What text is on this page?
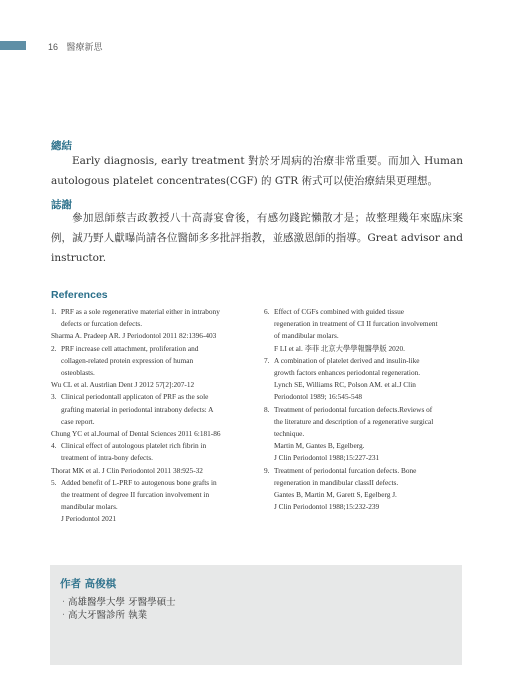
16 醫療新思
總結

Early diagnosis, early treatment 對於牙周病的治療非常重要。而加入 Human autologous platelet concentrates(CGF) 的 GTR 術式可以使治療結果更理想。

誌謝

參加恩師蔡吉政教授八十高壽宴會後，有感勿踐跎懶散才是；故整理幾年來臨床案例，誠乃野人獻曝尚請各位醫師多多批評指教，並感激恩師的指導。Great advisor and instructor.

References
1. PRF as a sole regenerative material either in intrabony
defects or furcation defects.
Sharma A. Pradeep AR. J Periodontol 2011 82:1396-403
2. PRF increase cell attachment, proliferation and
collagen-related protein expression of human
osteoblasts.
Wu CL et al. Austrlian Dent J 2012 57[2]:207-12
3. Clinical periodontall applicaton of PRF as the sole
grafting material in periodontal intrabony defects: A
case report.
Chung YC et al.Journal of Dental Sciences 2011 6:181-86
4. Clinical effect of autologous platelet rich fibrin in
treatment of intra-bony defects.
Thorat MK et al. J Clin Periodontol 2011 38:925-32
5. Added benefit of L-PRF to autogenous bone grafts in
the treatment of degree II furcation involvement in
mandibular molars.
J Periodontol 2021
6. Effect of CGFs combined with guided tissue
regeneration in treatment of CI II furcation involvement
of mandibular molars.
F LI et al. 李菲 北京大學學報醫學版 2020.
7. A combination of platelet derived and insulin-like
growth factors enhances periodontal regeneration.
Lynch SE, Williams RC, Polson AM. et al.J Clin
Periodontol 1989; 16:545-548
8. Treatment of periodontal furcation defects.Reviews of
the literature and description of a regenerative surgical
technique.
Martin M, Gantes B, Egelberg.
J Clin Periodontol 1988;15:227-231
9. Treatment of periodontal furcation defects. Bone
regeneration in mandibular classII defects.
Gantes B, Martin M, Garett S, Egelberg J.
J Clin Periodontol 1988;15:232-239
作者 高俊棋
· 高雄醫學大學 牙醫學碩士
· 高大牙醫診所 執業
